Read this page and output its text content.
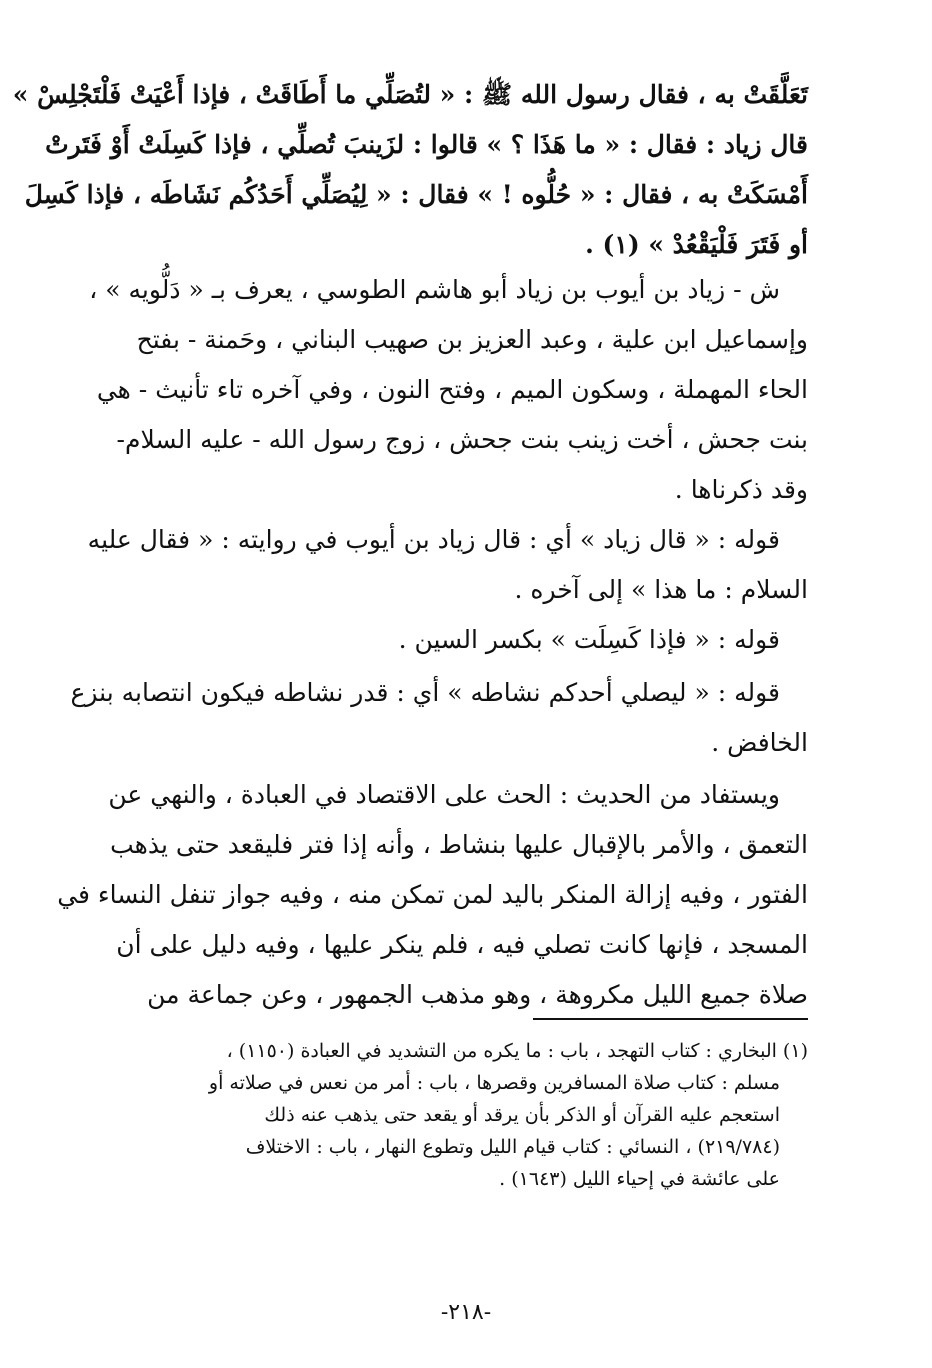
تَعَلَّقَتْ به ، فقال رسول الله ﷺ : « لتُصَلِّي ما أَطَاقَتْ ، فإذا أَعْيَتْ فَلْتَجْلِسْ »
قال زياد : فقال : « ما هَذَا ؟ » قالوا : لزَينبَ تُصلِّي ، فإذا كَسِلَتْ أَوْ فَتَرتْ
أَمْسَكَتْ به ، فقال : « حُلُّوه ! » فقال : « لِيُصَلِّي أَحَدُكُم نَشَاطَه ، فإذا كَسِلَ
أو فَتَرَ فَلْيَقْعُدْ » (١) .
ش - زياد بن أيوب بن زياد أبو هاشم الطوسي ، يعرف بـ « دَلُّويه » ،
وإسماعيل ابن علية ، وعبد العزيز بن صهيب البناني ، وحَمنة - بفتح
الحاء المهملة ، وسكون الميم ، وفتح النون ، وفي آخره تاء تأنيث - هي
بنت جحش ، أخت زينب بنت جحش ، زوج رسول الله - عليه السلام-
وقد ذكرناها .
قوله : « قال زياد » أي : قال زياد بن أيوب في روايته : « فقال عليه
السلام : ما هذا » إلى آخره .
قوله : « فإذا كَسِلَت » بكسر السين .
قوله : « ليصلي أحدكم نشاطه » أي : قدر نشاطه فيكون انتصابه بنزع
الخافض .
ويستفاد من الحديث : الحث على الاقتصاد في العبادة ، والنهي عن
التعمق ، والأمر بالإقبال عليها بنشاط ، وأنه إذا فتر فليقعد حتى يذهب
الفتور ، وفيه إزالة المنكر باليد لمن تمكن منه ، وفيه جواز تنفل النساء في
المسجد ، فإنها كانت تصلي فيه ، فلم ينكر عليها ، وفيه دليل على أن
صلاة جميع الليل مكروهة ، وهو مذهب الجمهور ، وعن جماعة من
(١) البخاري : كتاب التهجد ، باب : ما يكره من التشديد في العبادة (١١٥٠) ،
مسلم : كتاب صلاة المسافرين وقصرها ، باب : أمر من نعس في صلاته أو
استعجم عليه القرآن أو الذكر بأن يرقد أو يقعد حتى يذهب عنه ذلك
(٢١٩/٧٨٤) ، النسائي : كتاب قيام الليل وتطوع النهار ، باب : الاختلاف
على عائشة في إحياء الليل (١٦٤٣) .
-٢١٨-
